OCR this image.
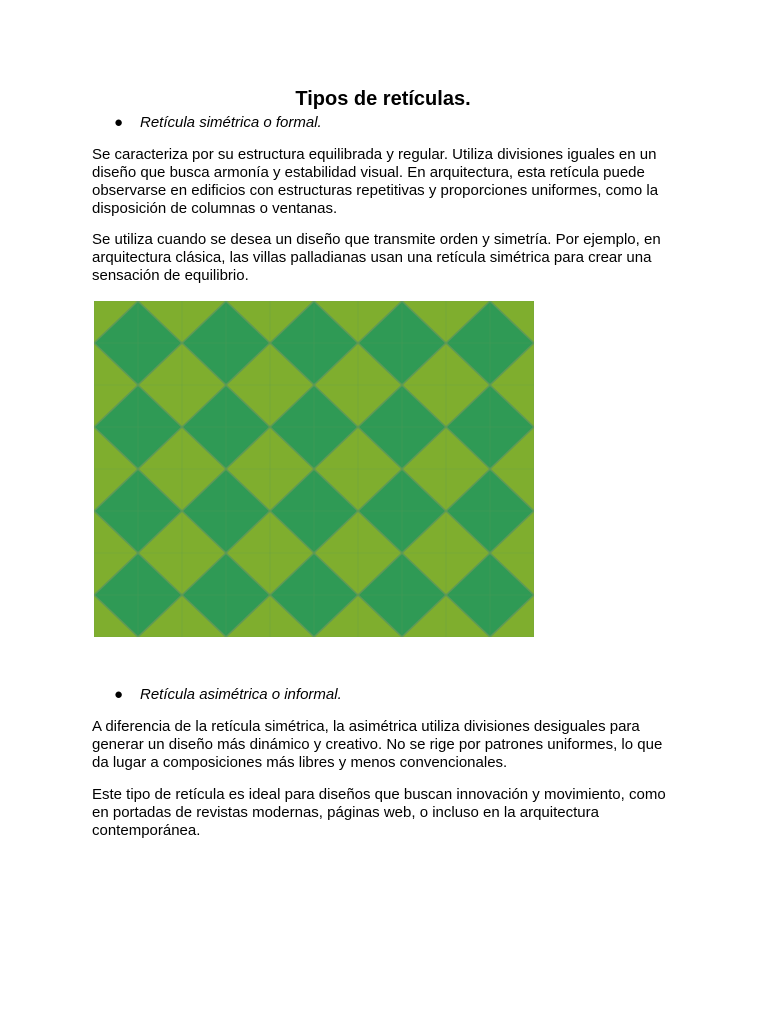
Tipos de retículas.
●	Retícula simétrica o formal.

Se caracteriza por su estructura equilibrada y regular. Utiliza divisiones iguales en un diseño que busca armonía y estabilidad visual. En arquitectura, esta retícula puede observarse en edificios con estructuras repetitivas y proporciones uniformes, como la disposición de columnas o ventanas.

Se utiliza cuando se desea un diseño que transmite orden y simetría. Por ejemplo, en arquitectura clásica, las villas palladianas usan una retícula simétrica para crear una sensación de equilibrio.

●	Retícula asimétrica o informal.

A diferencia de la retícula simétrica, la asimétrica utiliza divisiones desiguales para generar un diseño más dinámico y creativo. No se rige por patrones uniformes, lo que da lugar a composiciones más libres y menos convencionales.

Este tipo de retícula es ideal para diseños que buscan innovación y movimiento, como en portadas de revistas modernas, páginas web, o incluso en la arquitectura contemporánea.
